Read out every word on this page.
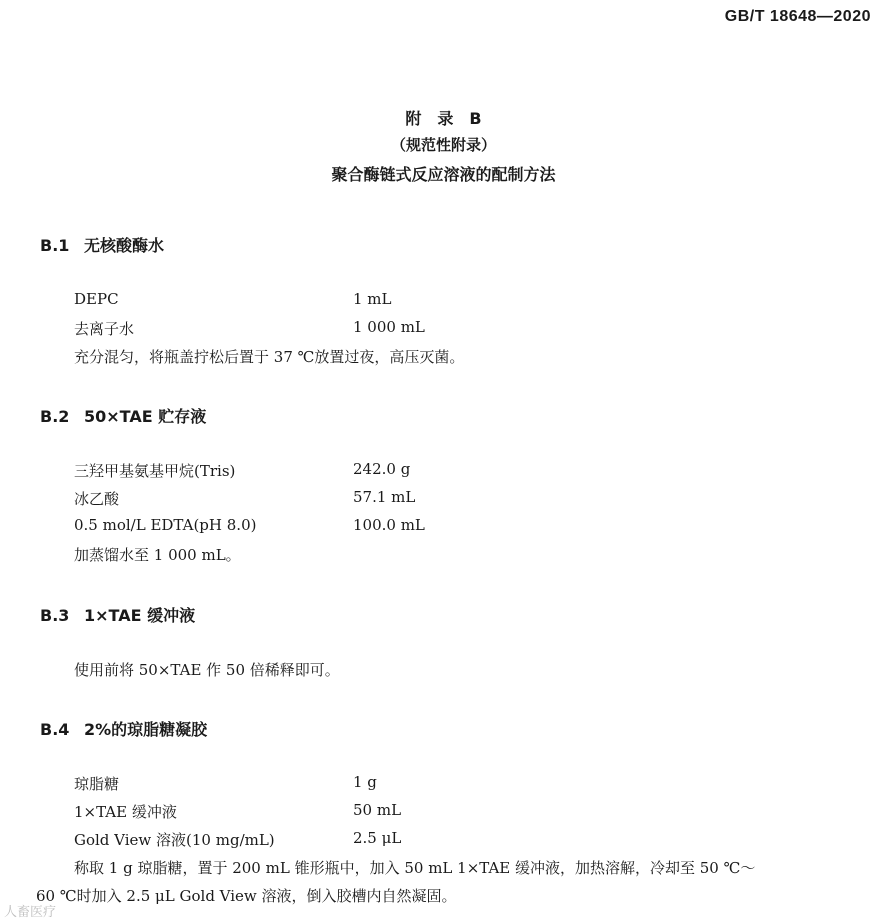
GB/T 18648—2020
附　录　B
（规范性附录）
聚合酶链式反应溶液的配制方法
B.1 无核酸酶水
DEPC	1 mL
去离子水	1 000 mL
充分混匀，将瓶盖拧松后置于 37 ℃放置过夜，高压灭菌。
B.2 50×TAE 贮存液
三羟甲基氨基甲烷(Tris)	242.0 g
冰乙酸	57.1 mL
0.5 mol/L EDTA(pH 8.0)	100.0 mL
加蒸馏水至 1 000 mL。
B.3 1×TAE 缓冲液
使用前将 50×TAE 作 50 倍稀释即可。
B.4 2%的琼脂糖凝胶
琼脂糖	1 g
1×TAE 缓冲液	50 mL
Gold View 溶液(10 mg/mL)	2.5 μL
称取 1 g 琼脂糖，置于 200 mL 锥形瓶中，加入 50 mL 1×TAE 缓冲液，加热溶解，冷却至 50 ℃～
60 ℃时加入 2.5 μL Gold View 溶液，倒入胶槽内自然凝固。
人畜医疗
